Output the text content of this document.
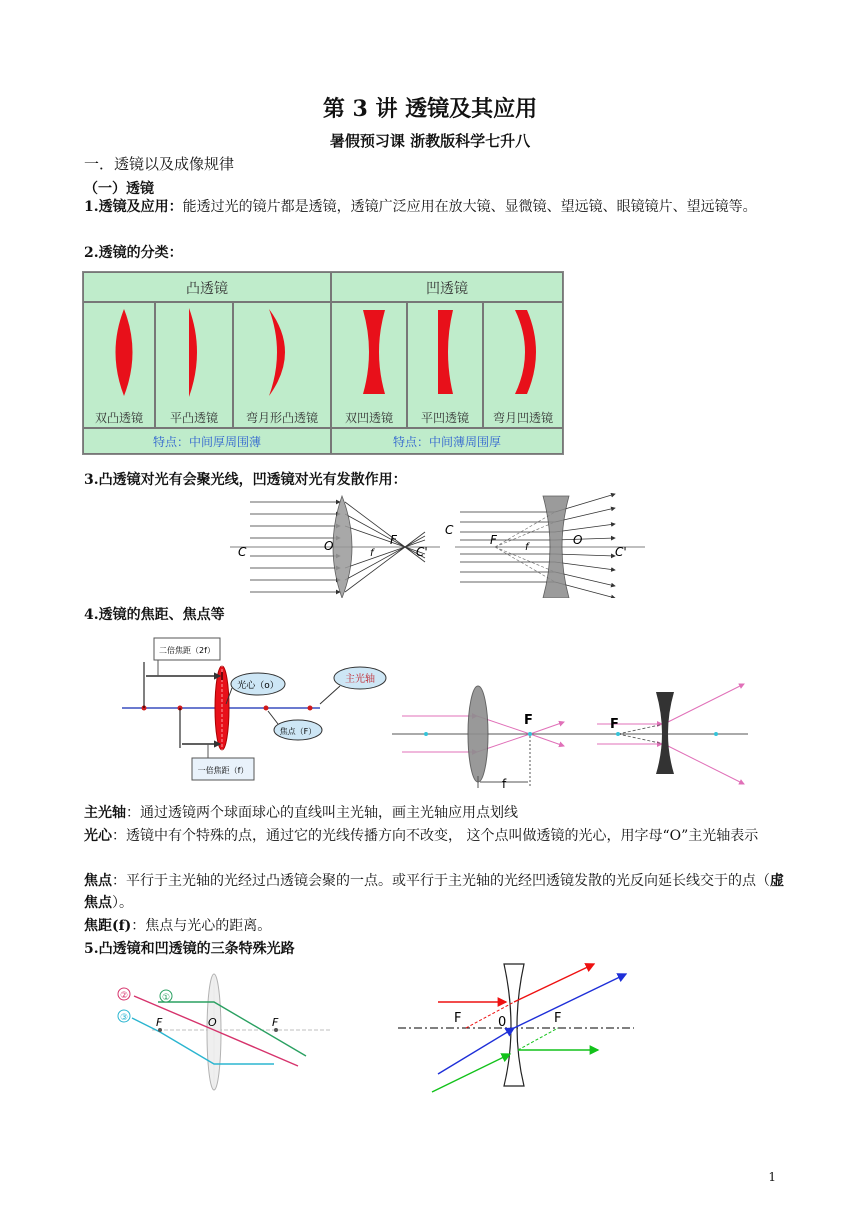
第 3 讲 透镜及其应用
暑假预习课 浙教版科学七升八
一．透镜以及成像规律
（一）透镜
1.透镜及应用：能透过光的镜片都是透镜，透镜广泛应用在放大镜、显微镜、望远镜、眼镜镜片、望远镜等。
2.透镜的分类：
凸透镜	凹透镜
双凸透镜	平凸透镜	弯月形凸透镜	双凹透镜	平凹透镜	弯月凹透镜
特点：中间厚周围薄	特点：中间薄周围厚
3.凸透镜对光有会聚光线，凹透镜对光有发散作用：
C	O	F
f	C'
C
F
f
O
C'
4.透镜的焦距、焦点等
二倍焦距（2f）
一倍焦距（f）
光心（o）
主光轴
焦点（F）
F
f
F
主光轴：通过透镜两个球面球心的直线叫主光轴，画主光轴应用点划线
光心：透镜中有个特殊的点，通过它的光线传播方向不改变， 这个点叫做透镜的光心，用字母“O”主光轴表示
焦点：平行于主光轴的光经过凸透镜会聚的一点。或平行于主光轴的光经凹透镜发散的光反向延长线交于的点（虚焦点）。
焦距(f)：焦点与光心的距离。
5.凸透镜和凹透镜的三条特殊光路
②	①
③	F	O	F	F	0	F
1
